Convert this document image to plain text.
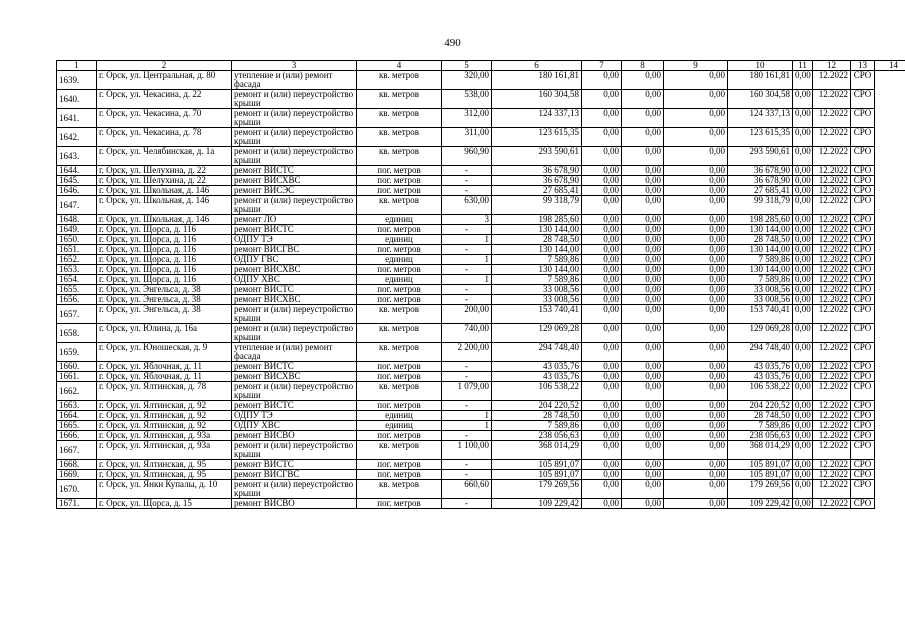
490
1	2	3	4	5	6	7	8	9	10	11	12	13	14
1639.	г. Орск, ул. Центральная, д. 80	утепление и (или) ремонт фасада	кв. метров	320,00	180 161,81	0,00	0,00	0,00	180 161,81	0,00	12.2022	СРО	
1640.	г. Орск, ул. Чекасина, д. 22	ремонт и (или) переустройство крыши	кв. метров	538,00	160 304,58	0,00	0,00	0,00	160 304,58	0,00	12.2022	СРО	
1641.	г. Орск, ул. Чекасина, д. 70	ремонт и (или) переустройство крыши	кв. метров	312,00	124 337,13	0,00	0,00	0,00	124 337,13	0,00	12.2022	СРО	
1642.	г. Орск, ул. Чекасина, д. 78	ремонт и (или) переустройство крыши	кв. метров	311,00	123 615,35	0,00	0,00	0,00	123 615,35	0,00	12.2022	СРО	
1643.	г. Орск, ул. Челябинская, д. 1а	ремонт и (или) переустройство крыши	кв. метров	960,90	293 590,61	0,00	0,00	0,00	293 590,61	0,00	12.2022	СРО	
1644.	г. Орск, ул. Шелухина, д. 22	ремонт ВИСТС	пог. метров	-	36 678,90	0,00	0,00	0,00	36 678,90	0,00	12.2022	СРО	
1645.	г. Орск, ул. Шелухина, д. 22	ремонт ВИСХВС	пог. метров	-	36 678,90	0,00	0,00	0,00	36 678,90	0,00	12.2022	СРО	
1646.	г. Орск, ул. Школьная, д. 146	ремонт ВИСЭС	пог. метров	-	27 685,41	0,00	0,00	0,00	27 685,41	0,00	12.2022	СРО	
1647.	г. Орск, ул. Школьная, д. 146	ремонт и (или) переустройство крыши	кв. метров	630,00	99 318,79	0,00	0,00	0,00	99 318,79	0,00	12.2022	СРО	
1648.	г. Орск, ул. Школьная, д. 146	ремонт ЛО	единиц	3	198 285,60	0,00	0,00	0,00	198 285,60	0,00	12.2022	СРО	
1649.	г. Орск, ул. Щорса, д. 116	ремонт ВИСТС	пог. метров	-	130 144,00	0,00	0,00	0,00	130 144,00	0,00	12.2022	СРО	
1650.	г. Орск, ул. Щорса, д. 116	ОДПУ ТЭ	единиц	1	28 748,50	0,00	0,00	0,00	28 748,50	0,00	12.2022	СРО	
1651.	г. Орск, ул. Щорса, д. 116	ремонт ВИСГВС	пог. метров	-	130 144,00	0,00	0,00	0,00	130 144,00	0,00	12.2022	СРО	
1652.	г. Орск, ул. Щорса, д. 116	ОДПУ ГВС	единиц	1	7 589,86	0,00	0,00	0,00	7 589,86	0,00	12.2022	СРО	
1653.	г. Орск, ул. Щорса, д. 116	ремонт ВИСХВС	пог. метров	-	130 144,00	0,00	0,00	0,00	130 144,00	0,00	12.2022	СРО	
1654.	г. Орск, ул. Щорса, д. 116	ОДПУ ХВС	единиц	1	7 589,86	0,00	0,00	0,00	7 589,86	0,00	12.2022	СРО	
1655.	г. Орск, ул. Энгельса, д. 38	ремонт ВИСТС	пог. метров	-	33 008,56	0,00	0,00	0,00	33 008,56	0,00	12.2022	СРО	
1656.	г. Орск, ул. Энгельса, д. 38	ремонт ВИСХВС	пог. метров	-	33 008,56	0,00	0,00	0,00	33 008,56	0,00	12.2022	СРО	
1657.	г. Орск, ул. Энгельса, д. 38	ремонт и (или) переустройство крыши	кв. метров	200,00	153 740,41	0,00	0,00	0,00	153 740,41	0,00	12.2022	СРО	
1658.	г. Орск, ул. Юлина, д. 16а	ремонт и (или) переустройство крыши	кв. метров	740,00	129 069,28	0,00	0,00	0,00	129 069,28	0,00	12.2022	СРО	
1659.	г. Орск, ул. Юношеская, д. 9	утепление и (или) ремонт фасада	кв. метров	2 200,00	294 748,40	0,00	0,00	0,00	294 748,40	0,00	12.2022	СРО	
1660.	г. Орск, ул. Яблочная, д. 11	ремонт ВИСТС	пог. метров	-	43 035,76	0,00	0,00	0,00	43 035,76	0,00	12.2022	СРО	
1661.	г. Орск, ул. Яблочная, д. 11	ремонт ВИСХВС	пог. метров	-	43 035,76	0,00	0,00	0,00	43 035,76	0,00	12.2022	СРО	
1662.	г. Орск, ул. Ялтинская, д. 78	ремонт и (или) переустройство крыши	кв. метров	1 079,00	106 538,22	0,00	0,00	0,00	106 538,22	0,00	12.2022	СРО	
1663.	г. Орск, ул. Ялтинская, д. 92	ремонт ВИСТС	пог. метров	-	204 220,52	0,00	0,00	0,00	204 220,52	0,00	12.2022	СРО	
1664.	г. Орск, ул. Ялтинская, д. 92	ОДПУ ТЭ	единиц	1	28 748,50	0,00	0,00	0,00	28 748,50	0,00	12.2022	СРО	
1665.	г. Орск, ул. Ялтинская, д. 92	ОДПУ ХВС	единиц	1	7 589,86	0,00	0,00	0,00	7 589,86	0,00	12.2022	СРО	
1666.	г. Орск, ул. Ялтинская, д. 93а	ремонт ВИСВО	пог. метров	-	238 056,63	0,00	0,00	0,00	238 056,63	0,00	12.2022	СРО	
1667.	г. Орск, ул. Ялтинская, д. 93а	ремонт и (или) переустройство крыши	кв. метров	1 100,00	368 014,29	0,00	0,00	0,00	368 014,29	0,00	12.2022	СРО	
1668.	г. Орск, ул. Ялтинская, д. 95	ремонт ВИСТС	пог. метров	-	105 891,07	0,00	0,00	0,00	105 891,07	0,00	12.2022	СРО	
1669.	г. Орск, ул. Ялтинская, д. 95	ремонт ВИСГВС	пог. метров	-	105 891,07	0,00	0,00	0,00	105 891,07	0,00	12.2022	СРО	
1670.	г. Орск, ул. Янки Купалы, д. 10	ремонт и (или) переустройство крыши	кв. метров	660,60	179 269,56	0,00	0,00	0,00	179 269,56	0,00	12.2022	СРО	
1671.	г. Орск, ул. Щорса, д. 15	ремонт ВИСВО	пог. метров	-	109 229,42	0,00	0,00	0,00	109 229,42	0,00	12.2022	СРО	
